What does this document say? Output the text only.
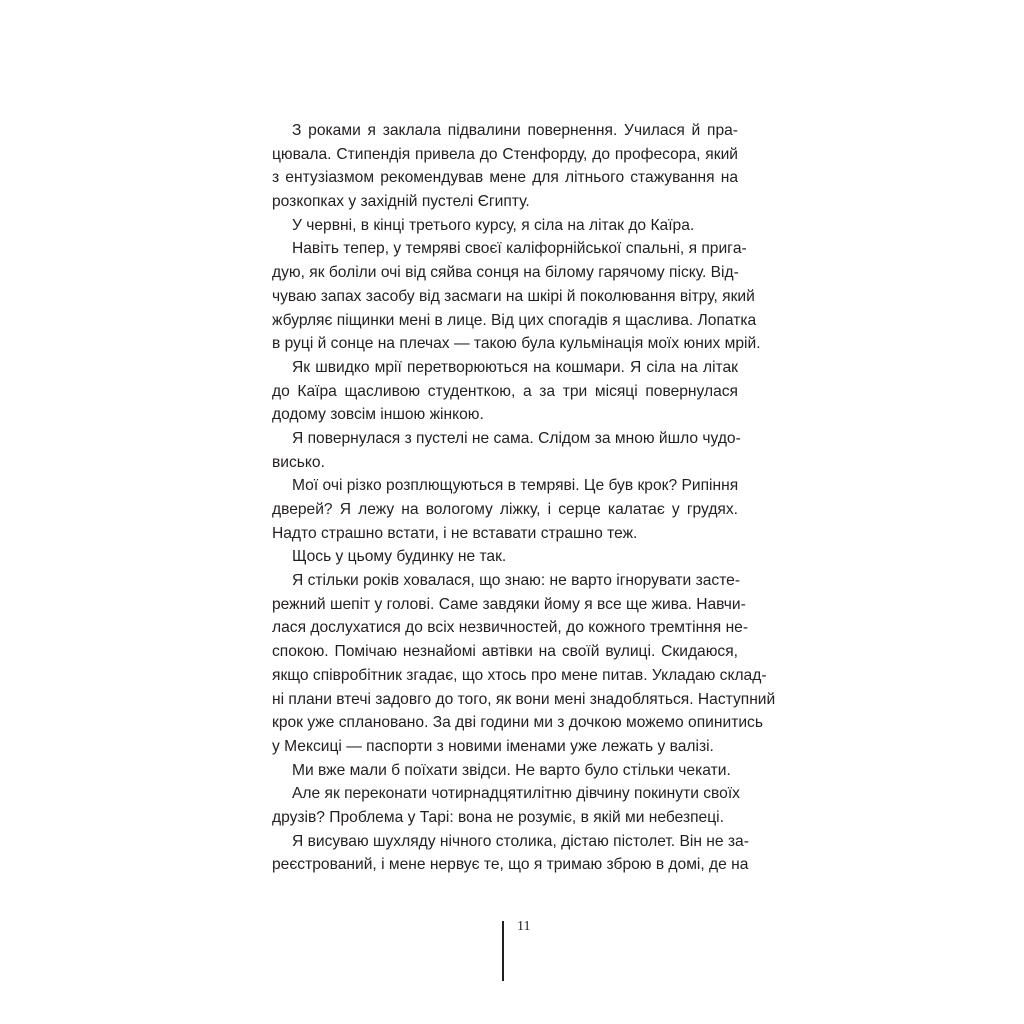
З роками я заклала підвалини повернення. Училася й пра-
цювала. Стипендія привела до Стенфорду, до професора, який
з ентузіазмом рекомендував мене для літнього стажування на
розкопках у західній пустелі Єгипту.
У червні, в кінці третього курсу, я сіла на літак до Каїра.
Навіть тепер, у темряві своєї каліфорнійської спальні, я пригa-
дую, як боліли очі від сяйва сонця на білому гарячому піску. Від-
чуваю запах засобу від засмаги на шкірі й поколювання вітру, який
жбурляє піщинки мені в лице. Від цих спогадів я щаслива. Лопатка
в руці й сонце на плечах — такою була кульмінація моїх юних мрій.
Як швидко мрії перетворюються на кошмари. Я сіла на літак
до Каїра щасливою студенткою, а за три місяці повернулася
додому зовсім іншою жінкою.
Я повернулася з пустелі не сама. Слідом за мною йшло чудо-
висько.
Мої очі різко розплющуються в темряві. Це був крок? Рипіння
дверей? Я лежу на вологому ліжку, і серце калатає у грудях.
Надто страшно встати, і не вставати страшно теж.
Щось у цьому будинку не так.
Я стільки років ховалася, що знаю: не варто ігнорувати засте-
режний шепіт у голові. Саме завдяки йому я все ще жива. Навчи-
лася дослухатися до всіх незвичностей, до кожного тремтіння не-
спокою. Помічаю незнайомі автівки на своїй вулиці. Скидаюся,
якщо співробітник згадає, що хтось про мене питав. Укладаю склад-
ні плани втечі задовго до того, як вони мені знадобляться. Наступний
крок уже сплановано. За дві години ми з дочкою можемо опинитись
у Мексиці — паспорти з новими іменами уже лежать у валізі.
Ми вже мали б поїхати звідси. Не варто було стільки чекати.
Але як переконати чотирнадцятилітню дівчину покинути своїх
друзів? Проблема у Тарі: вона не розуміє, в якій ми небезпеці.
Я висуваю шухляду нічного столика, дістаю пістолет. Він не за-
реєстрований, і мене нервує те, що я тримаю зброю в домі, де на
11
